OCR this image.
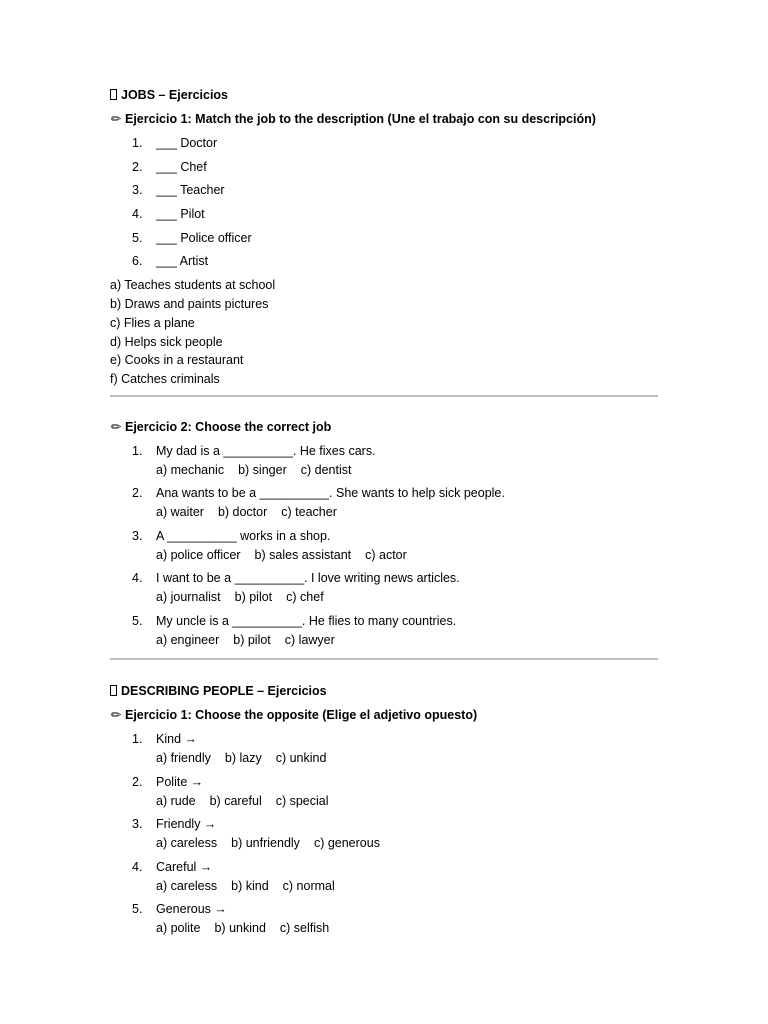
JOBS – Ejercicios
✏ Ejercicio 1: Match the job to the description (Une el trabajo con su descripción)
1.	___ Doctor
2.	___ Chef
3.	___ Teacher
4.	___ Pilot
5.	___ Police officer
6.	___ Artist
a) Teaches students at school
b) Draws and paints pictures
c) Flies a plane
d) Helps sick people
e) Cooks in a restaurant
f) Catches criminals
✏ Ejercicio 2: Choose the correct job
1.	My dad is a __________. He fixes cars.
a) mechanic b) singer c) dentist
2.	Ana wants to be a __________. She wants to help sick people.
a) waiter b) doctor c) teacher
3.	A __________ works in a shop.
a) police officer b) sales assistant c) actor
4.	I want to be a __________. I love writing news articles.
a) journalist b) pilot c) chef
5.	My uncle is a __________. He flies to many countries.
a) engineer b) pilot c) lawyer
DESCRIBING PEOPLE – Ejercicios
✏ Ejercicio 1: Choose the opposite (Elige el adjetivo opuesto)
1.	Kind →
a) friendly b) lazy c) unkind
2.	Polite →
a) rude b) careful c) special
3.	Friendly →
a) careless b) unfriendly c) generous
4.	Careful →
a) careless b) kind c) normal
5.	Generous →
a) polite b) unkind c) selfish
